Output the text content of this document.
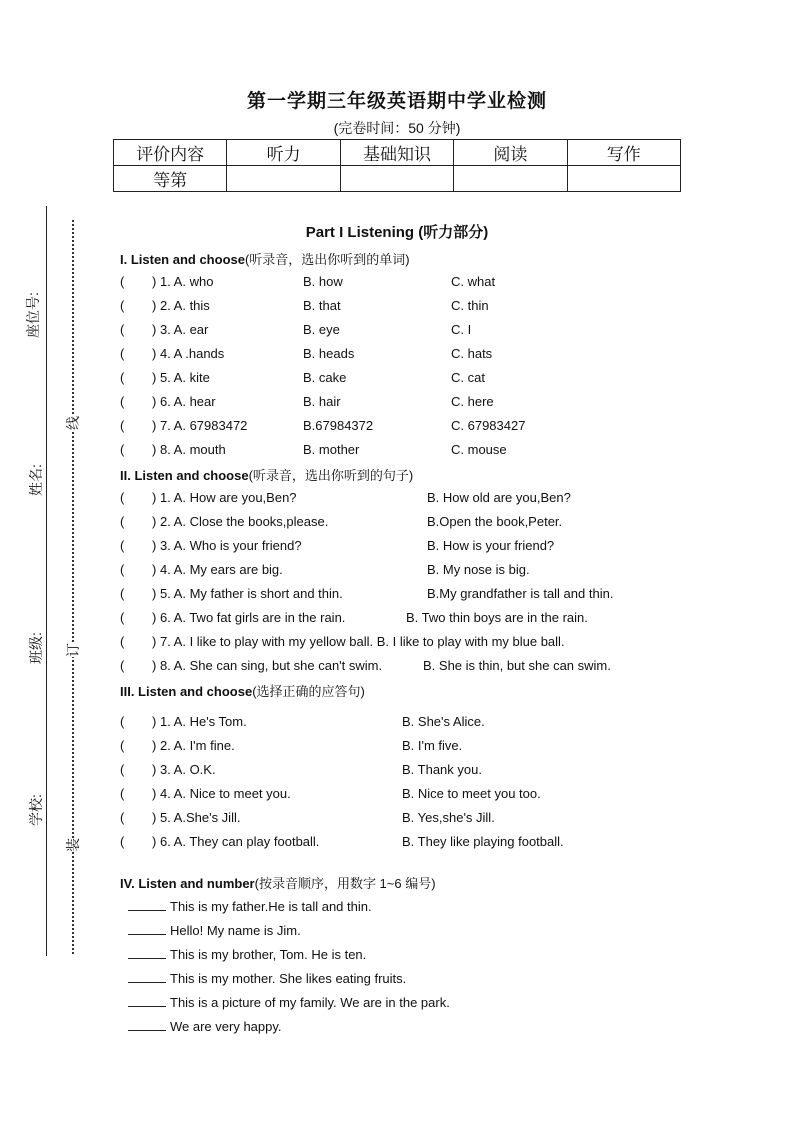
第一学期三年级英语期中学业检测
(完卷时间：50 分钟)
评价内容	听力	基础知识	阅读	写作
等第				
座位号:
姓名:
班级:
学校:
线
订
装
Part I Listening (听力部分)
I. Listen and choose(听录音，选出你听到的单词)
( ) 1. A. who	B. how	C. what
( ) 2. A. this	B. that	C. thin
( ) 3. A. ear	B. eye	C. I
( ) 4. A .hands	B. heads	C. hats
( ) 5. A. kite	B. cake	C. cat
( ) 6. A. hear	B. hair	C. here
( ) 7. A. 67983472	B.67984372	C. 67983427
( ) 8. A. mouth	B. mother	C. mouse
II. Listen and choose(听录音，选出你听到的句子)
( ) 1. A. How are you,Ben?	B. How old are you,Ben?
( ) 2. A. Close the books,please.	B.Open the book,Peter.
( ) 3. A. Who is your friend?	B. How is your friend?
( ) 4. A. My ears are big.	B. My nose is big.
( ) 5. A. My father is short and thin.	B.My grandfather is tall and thin.
( ) 6. A. Two fat girls are in the rain.	B. Two thin boys are in the rain.
( ) 7. A. I like to play with my yellow ball. B. I like to play with my blue ball.
( ) 8. A. She can sing, but she can't swim.	B. She is thin, but she can swim.
III. Listen and choose(选择正确的应答句)
( ) 1. A. He's Tom.	B. She's Alice.
( ) 2. A. I'm fine.	B. I'm five.
( ) 3. A. O.K.	B. Thank you.
( ) 4. A. Nice to meet you.	B. Nice to meet you too.
( ) 5. A.She's Jill.	B. Yes,she's Jill.
( ) 6. A. They can play football.	B. They like playing football.
IV. Listen and number(按录音顺序，用数字 1~6 编号)
This is my father.He is tall and thin.
Hello! My name is Jim.
This is my brother, Tom. He is ten.
This is my mother. She likes eating fruits.
This is a picture of my family. We are in the park.
We are very happy.
